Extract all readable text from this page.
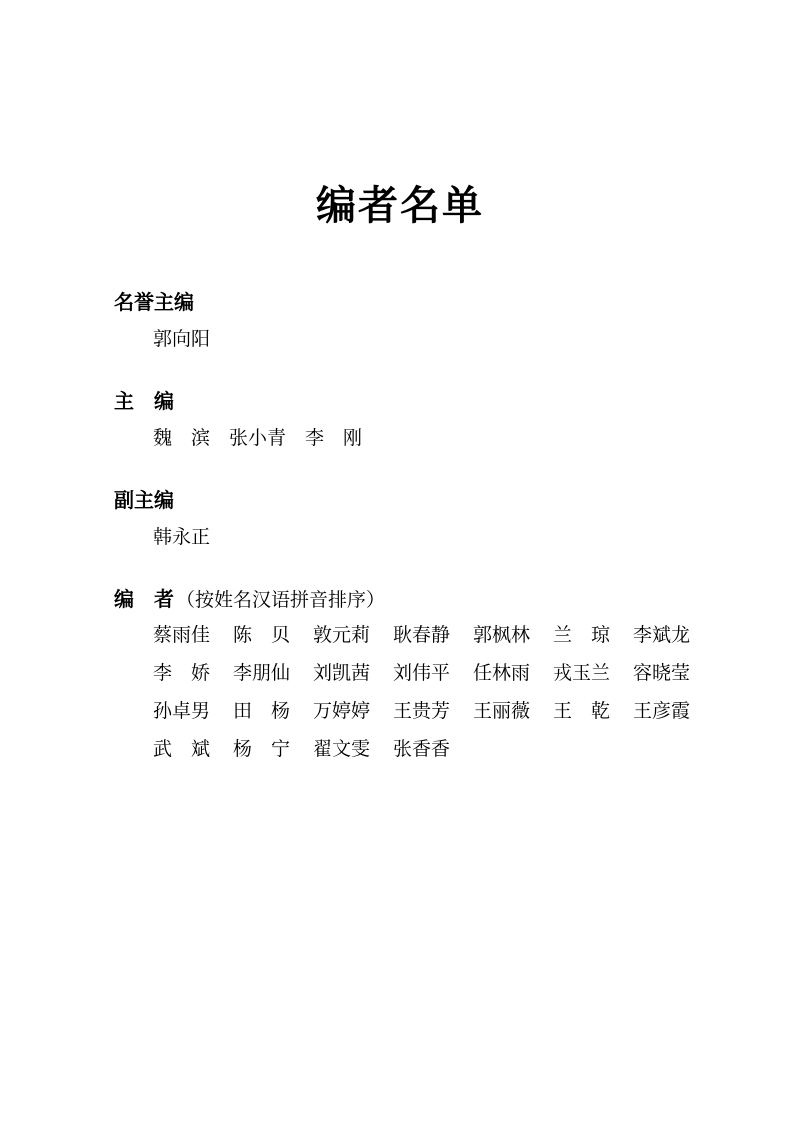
编者名单
名誉主编
郭向阳
主　编
魏　滨　张小青　李　刚
副主编
韩永正
编　者 （按姓名汉语拼音排序）
蔡雨佳	陈　贝	敦元莉	耿春静	郭枫林	兰　琼	李斌龙
李　娇	李朋仙	刘凯茜	刘伟平	任林雨	戎玉兰	容晓莹
孙卓男	田　杨	万婷婷	王贵芳	王丽薇	王　乾	王彦霞
武　斌	杨　宁	翟文雯	张香香
